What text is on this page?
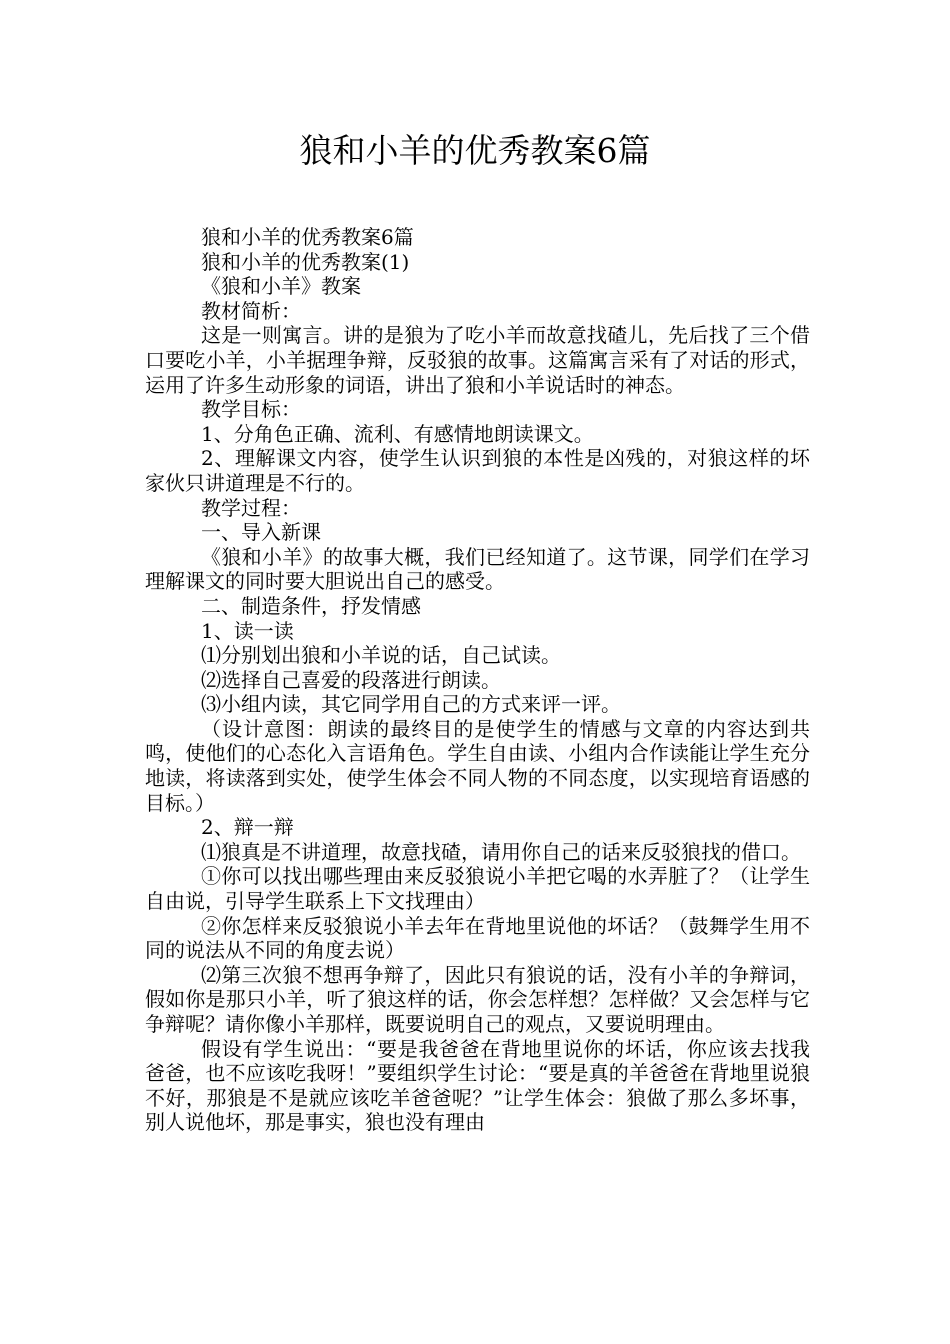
狼和小羊的优秀教案6篇

狼和小羊的优秀教案6篇

狼和小羊的优秀教案(1)

《狼和小羊》教案

教材简析：

这是一则寓言。讲的是狼为了吃小羊而故意找碴儿，先后找了三个借口要吃小羊，小羊据理争辩，反驳狼的故事。这篇寓言采有了对话的形式，运用了许多生动形象的词语，讲出了狼和小羊说话时的神态。

教学目标：

1、分角色正确、流利、有感情地朗读课文。

2、理解课文内容，使学生认识到狼的本性是凶残的，对狼这样的坏家伙只讲道理是不行的。

教学过程：

一、导入新课

《狼和小羊》的故事大概，我们已经知道了。这节课，同学们在学习理解课文的同时要大胆说出自己的感受。

二、制造条件，抒发情感

1、读一读

⑴分别划出狼和小羊说的话，自己试读。

⑵选择自己喜爱的段落进行朗读。

⑶小组内读，其它同学用自己的方式来评一评。

（设计意图：朗读的最终目的是使学生的情感与文章的内容达到共鸣，使他们的心态化入言语角色。学生自由读、小组内合作读能让学生充分地读，将读落到实处，使学生体会不同人物的不同态度，以实现培育语感的目标。）

2、辩一辩

⑴狼真是不讲道理，故意找碴，请用你自己的话来反驳狼找的借口。

①你可以找出哪些理由来反驳狼说小羊把它喝的水弄脏了？（让学生自由说，引导学生联系上下文找理由）

②你怎样来反驳狼说小羊去年在背地里说他的坏话？（鼓舞学生用不同的说法从不同的角度去说）

⑵第三次狼不想再争辩了，因此只有狼说的话，没有小羊的争辩词，假如你是那只小羊，听了狼这样的话，你会怎样想？怎样做？又会怎样与它争辩呢？请你像小羊那样，既要说明自己的观点，又要说明理由。

假设有学生说出：“要是我爸爸在背地里说你的坏话，你应该去找我爸爸，也不应该吃我呀！”要组织学生讨论：“要是真的羊爸爸在背地里说狼不好，那狼是不是就应该吃羊爸爸呢？”让学生体会：狼做了那么多坏事，别人说他坏，那是事实，狼也没有理由
